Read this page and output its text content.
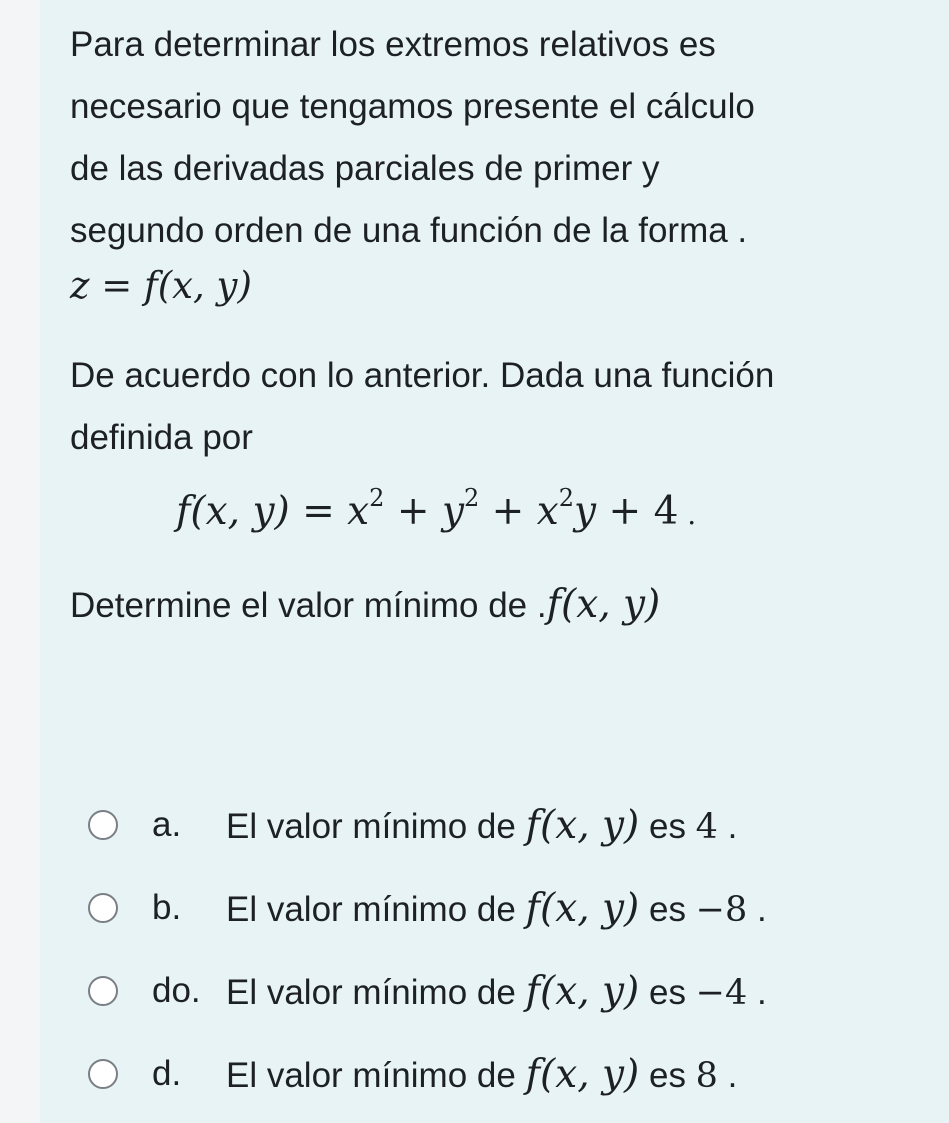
Para determinar los extremos relativos es
necesario que tengamos presente el cálculo
de las derivadas parciales de primer y
segundo orden de una función de la forma .
z = f(x, y)
De acuerdo con lo anterior. Dada una función
definida por
f(x, $y) = x^2 + y^2 + x^2y + 4$ .
Determine el valor mínimo de .f(x, y)
a. El valor mínimo de f(x, y) es 4 .
b. El valor mínimo de f(x, y) es −8 .
do. El valor mínimo de f(x, y) es −4 .
d. El valor mínimo de f(x, y) es 8 .
